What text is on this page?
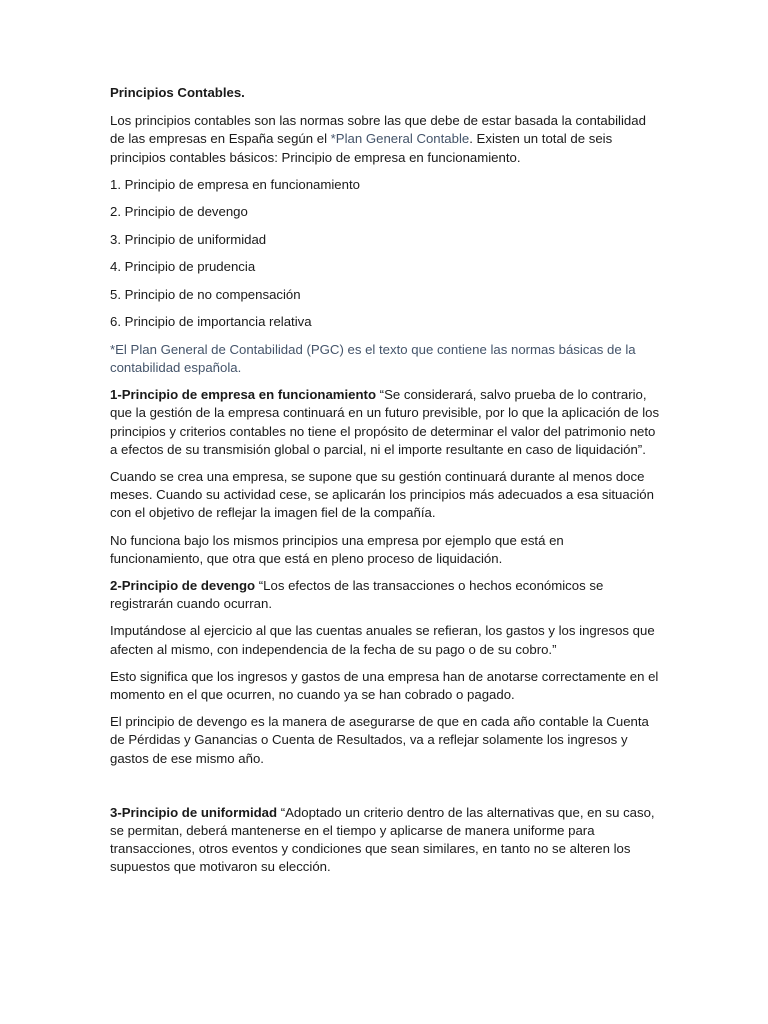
Principios Contables.

Los principios contables son las normas sobre las que debe de estar basada la contabilidad de las empresas en España según el *Plan General Contable. Existen un total de seis principios contables básicos: Principio de empresa en funcionamiento.

1. Principio de empresa en funcionamiento

2. Principio de devengo

3. Principio de uniformidad

4. Principio de prudencia

5. Principio de no compensación

6. Principio de importancia relativa

*El Plan General de Contabilidad (PGC) es el texto que contiene las normas básicas de la contabilidad española.

1-Principio de empresa en funcionamiento “Se considerará, salvo prueba de lo contrario, que la gestión de la empresa continuará en un futuro previsible, por lo que la aplicación de los principios y criterios contables no tiene el propósito de determinar el valor del patrimonio neto a efectos de su transmisión global o parcial, ni el importe resultante en caso de liquidación”.

Cuando se crea una empresa, se supone que su gestión continuará durante al menos doce meses. Cuando su actividad cese, se aplicarán los principios más adecuados a esa situación con el objetivo de reflejar la imagen fiel de la compañía.

No funciona bajo los mismos principios una empresa por ejemplo que está en funcionamiento, que otra que está en pleno proceso de liquidación.

2-Principio de devengo “Los efectos de las transacciones o hechos económicos se registrarán cuando ocurran.

Imputándose al ejercicio al que las cuentas anuales se refieran, los gastos y los ingresos que afecten al mismo, con independencia de la fecha de su pago o de su cobro.”

Esto significa que los ingresos y gastos de una empresa han de anotarse correctamente en el momento en el que ocurren, no cuando ya se han cobrado o pagado.

El principio de devengo es la manera de asegurarse de que en cada año contable la Cuenta de Pérdidas y Ganancias o Cuenta de Resultados, va a reflejar solamente los ingresos y gastos de ese mismo año.

3-Principio de uniformidad “Adoptado un criterio dentro de las alternativas que, en su caso, se permitan, deberá mantenerse en el tiempo y aplicarse de manera uniforme para transacciones, otros eventos y condiciones que sean similares, en tanto no se alteren los supuestos que motivaron su elección.
